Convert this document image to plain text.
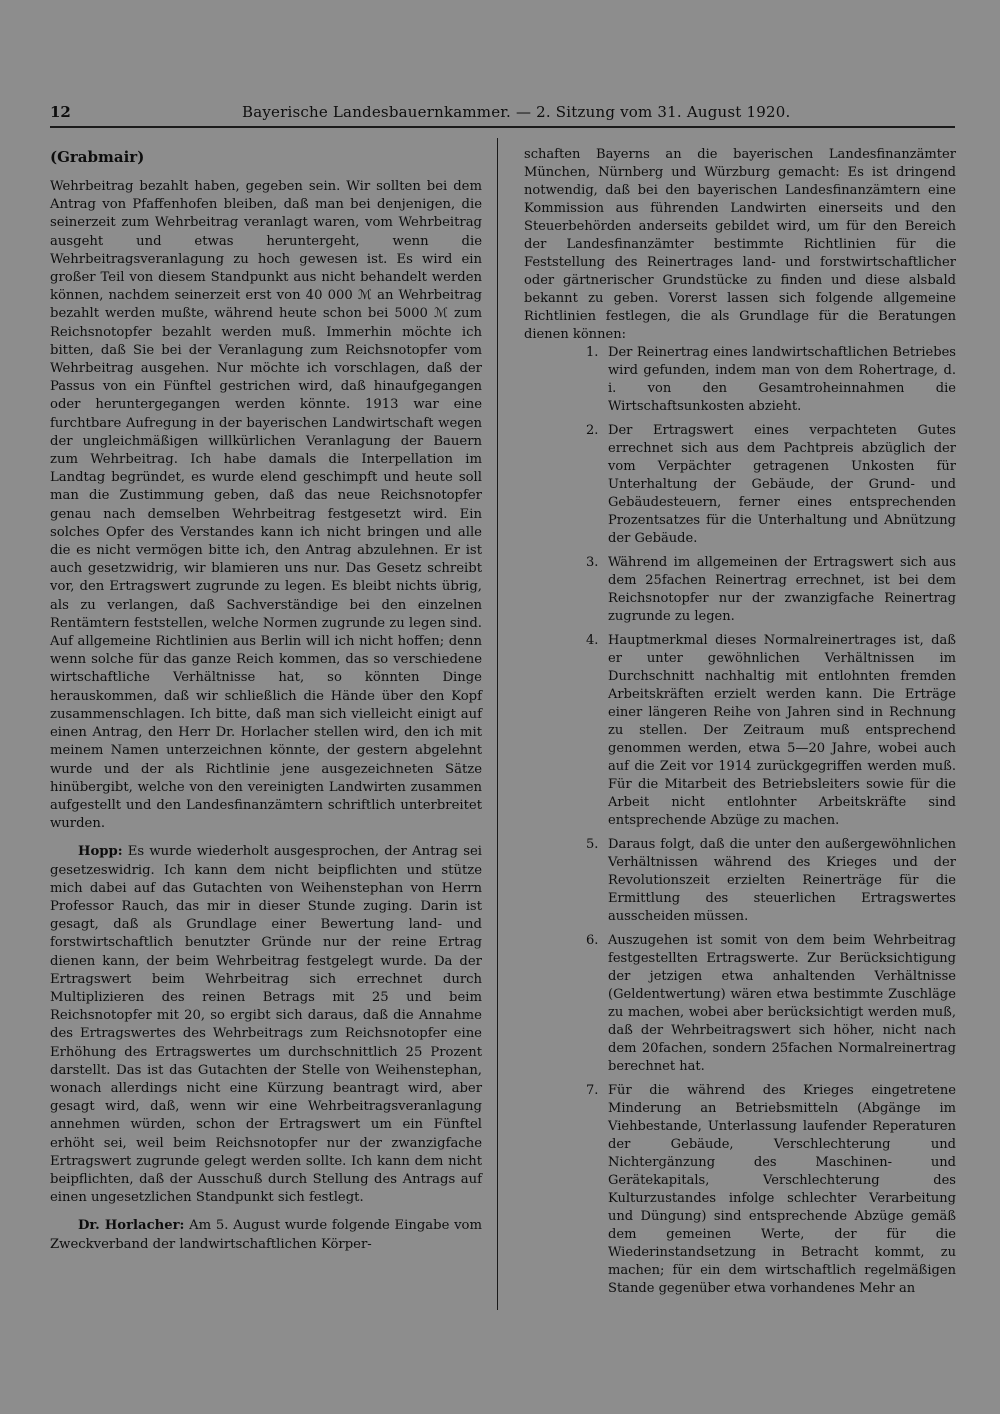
12	Bayerische Landesbauernkammer. — 2. Sitzung vom 31. August 1920.
(Grabmair)

Wehrbeitrag bezahlt haben, gegeben sein. Wir sollten bei dem Antrag von Pfaffenhofen bleiben, daß man bei denjenigen, die seinerzeit zum Wehrbeitrag veranlagt waren, vom Wehrbeitrag ausgeht und etwas heruntergeht, wenn die Wehrbeitragsveranlagung zu hoch gewesen ist. Es wird ein großer Teil von diesem Standpunkt aus nicht behandelt werden können, nachdem seinerzeit erst von 40 000 ℳ an Wehrbeitrag bezahlt werden mußte, während heute schon bei 5000 ℳ zum Reichsnotopfer bezahlt werden muß. Immerhin möchte ich bitten, daß Sie bei der Veranlagung zum Reichsnotopfer vom Wehrbeitrag ausgehen. Nur möchte ich vorschlagen, daß der Passus von ein Fünftel gestrichen wird, daß hinaufgegangen oder heruntergegangen werden könnte. 1913 war eine furchtbare Aufregung in der bayerischen Landwirtschaft wegen der ungleichmäßigen willkürlichen Veranlagung der Bauern zum Wehrbeitrag. Ich habe damals die Interpellation im Landtag begründet, es wurde elend geschimpft und heute soll man die Zustimmung geben, daß das neue Reichsnotopfer genau nach demselben Wehrbeitrag festgesetzt wird. Ein solches Opfer des Verstandes kann ich nicht bringen und alle die es nicht vermögen bitte ich, den Antrag abzulehnen. Er ist auch gesetzwidrig, wir blamieren uns nur. Das Gesetz schreibt vor, den Ertragswert zugrunde zu legen. Es bleibt nichts übrig, als zu verlangen, daß Sachverständige bei den einzelnen Rentämtern feststellen, welche Normen zugrunde zu legen sind. Auf allgemeine Richtlinien aus Berlin will ich nicht hoffen; denn wenn solche für das ganze Reich kommen, das so verschiedene wirtschaftliche Verhältnisse hat, so könnten Dinge herauskommen, daß wir schließlich die Hände über den Kopf zusammenschlagen. Ich bitte, daß man sich vielleicht einigt auf einen Antrag, den Herr Dr. Horlacher stellen wird, den ich mit meinem Namen unterzeichnen könnte, der gestern abgelehnt wurde und der als Richtlinie jene ausgezeichneten Sätze hinübergibt, welche von den vereinigten Landwirten zusammen aufgestellt und den Landesfinanzämtern schriftlich unterbreitet wurden.

Hopp: Es wurde wiederholt ausgesprochen, der Antrag sei gesetzeswidrig. Ich kann dem nicht beipflichten und stütze mich dabei auf das Gutachten von Weihenstephan von Herrn Professor Rauch, das mir in dieser Stunde zuging. Darin ist gesagt, daß als Grundlage einer Bewertung land- und forstwirtschaftlich benutzter Gründe nur der reine Ertrag dienen kann, der beim Wehrbeitrag festgelegt wurde. Da der Ertragswert beim Wehrbeitrag sich errechnet durch Multiplizieren des reinen Betrags mit 25 und beim Reichsnotopfer mit 20, so ergibt sich daraus, daß die Annahme des Ertragswertes des Wehrbeitrags zum Reichsnotopfer eine Erhöhung des Ertragswertes um durchschnittlich 25 Prozent darstellt. Das ist das Gutachten der Stelle von Weihenstephan, wonach allerdings nicht eine Kürzung beantragt wird, aber gesagt wird, daß, wenn wir eine Wehrbeitragsveranlagung annehmen würden, schon der Ertragswert um ein Fünftel erhöht sei, weil beim Reichsnotopfer nur der zwanzigfache Ertragswert zugrunde gelegt werden sollte. Ich kann dem nicht beipflichten, daß der Ausschuß durch Stellung des Antrags auf einen ungesetzlichen Standpunkt sich festlegt.

Dr. Horlacher: Am 5. August wurde folgende Eingabe vom Zweckverband der landwirtschaftlichen Körper-

schaften Bayerns an die bayerischen Landesfinanzämter München, Nürnberg und Würzburg gemacht: Es ist dringend notwendig, daß bei den bayerischen Landesfinanzämtern eine Kommission aus führenden Landwirten einerseits und den Steuerbehörden anderseits gebildet wird, um für den Bereich der Landesfinanzämter bestimmte Richtlinien für die Feststellung des Reinertrages land- und forstwirtschaftlicher oder gärtnerischer Grundstücke zu finden und diese alsbald bekannt zu geben. Vorerst lassen sich folgende allgemeine Richtlinien festlegen, die als Grundlage für die Beratungen dienen können:

1. Der Reinertrag eines landwirtschaftlichen Betriebes wird gefunden, indem man von dem Rohertrage, d. i. von den Gesamtroheinnahmen die Wirtschaftsunkosten abzieht.
2. Der Ertragswert eines verpachteten Gutes errechnet sich aus dem Pachtpreis abzüglich der vom Verpächter getragenen Unkosten für Unterhaltung der Gebäude, der Grund- und Gebäudesteuern, ferner eines entsprechenden Prozentsatzes für die Unterhaltung und Abnützung der Gebäude.
3. Während im allgemeinen der Ertragswert sich aus dem 25fachen Reinertrag errechnet, ist bei dem Reichsnotopfer nur der zwanzigfache Reinertrag zugrunde zu legen.
4. Hauptmerkmal dieses Normalreinertrages ist, daß er unter gewöhnlichen Verhältnissen im Durchschnitt nachhaltig mit entlohnten fremden Arbeitskräften erzielt werden kann. Die Erträge einer längeren Reihe von Jahren sind in Rechnung zu stellen. Der Zeitraum muß entsprechend genommen werden, etwa 5—20 Jahre, wobei auch auf die Zeit vor 1914 zurückgegriffen werden muß. Für die Mitarbeit des Betriebsleiters sowie für die Arbeit nicht entlohnter Arbeitskräfte sind entsprechende Abzüge zu machen.
5. Daraus folgt, daß die unter den außergewöhnlichen Verhältnissen während des Krieges und der Revolutionszeit erzielten Reinerträge für die Ermittlung des steuerlichen Ertragswertes ausscheiden müssen.
6. Auszugehen ist somit von dem beim Wehrbeitrag festgestellten Ertragswerte. Zur Berücksichtigung der jetzigen etwa anhaltenden Verhältnisse (Geldentwertung) wären etwa bestimmte Zuschläge zu machen, wobei aber berücksichtigt werden muß, daß der Wehrbeitragswert sich höher, nicht nach dem 20fachen, sondern 25fachen Normalreinertrag berechnet hat.
7. Für die während des Krieges eingetretene Minderung an Betriebsmitteln (Abgänge im Viehbestande, Unterlassung laufender Reperaturen der Gebäude, Verschlechterung und Nichtergänzung des Maschinen- und Gerätekapitals, Verschlechterung des Kulturzustandes infolge schlechter Verarbeitung und Düngung) sind entsprechende Abzüge gemäß dem gemeinen Werte, der für die Wiederinstandsetzung in Betracht kommt, zu machen; für ein dem wirtschaftlich regelmäßigen Stande gegenüber etwa vorhandenes Mehr an
